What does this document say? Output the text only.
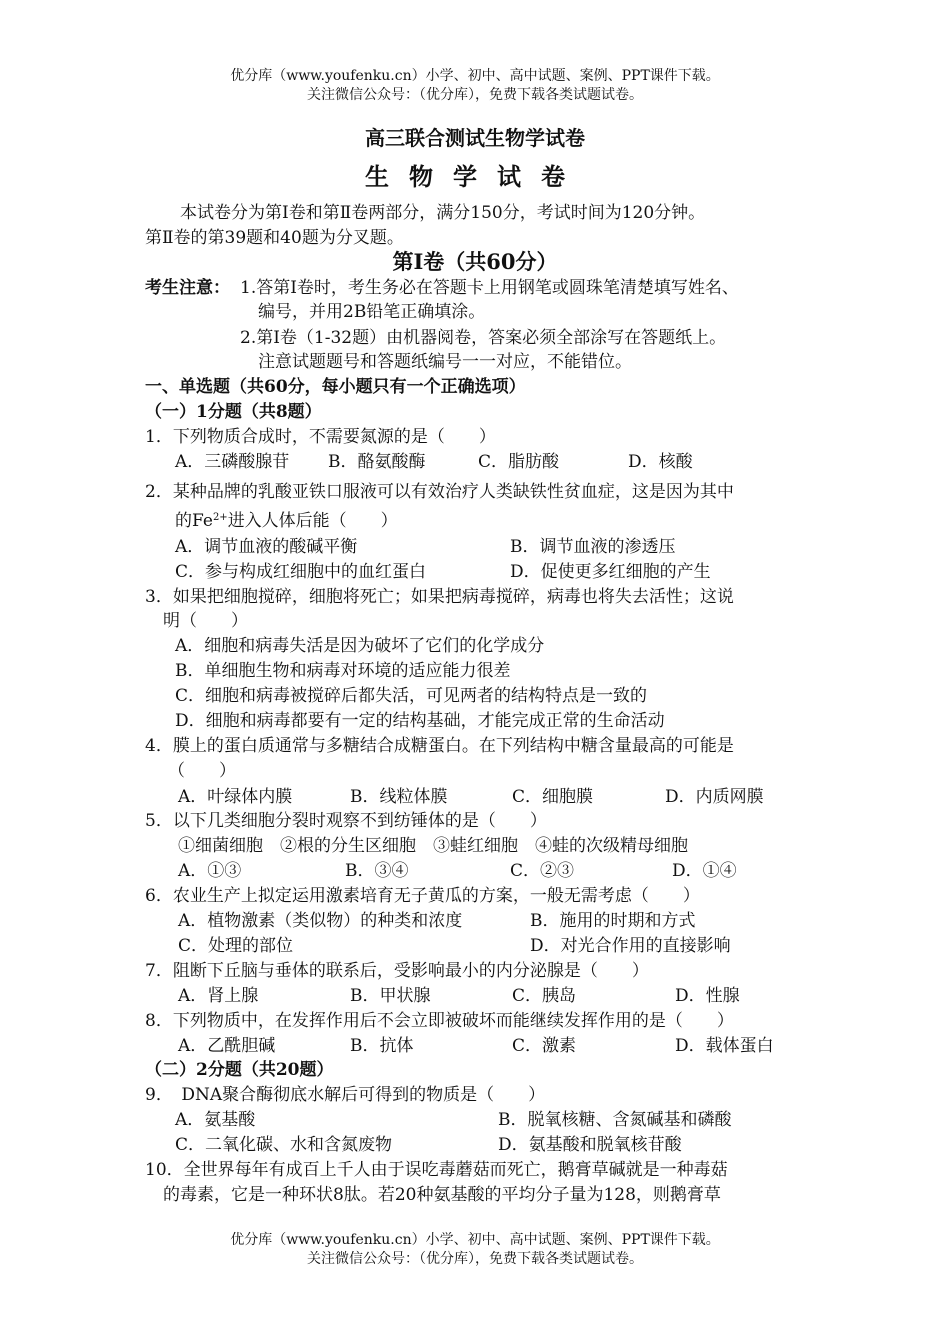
优分库（www.youfenku.cn）小学、初中、高中试题、案例、PPT课件下载。
关注微信公众号：（优分库），免费下载各类试题试卷。
高三联合测试生物学试卷
生物学试卷
本试卷分为第Ⅰ卷和第Ⅱ卷两部分，满分150分，考试时间为120分钟。
第Ⅱ卷的第39题和40题为分叉题。
第Ⅰ卷（共60分）
考生注意： 1.答第Ⅰ卷时，考生务必在答题卡上用钢笔或圆珠笔清楚填写姓名、
编号，并用2B铅笔正确填涂。
2.第Ⅰ卷（1-32题）由机器阅卷，答案必须全部涂写在答题纸上。
注意试题题号和答题纸编号一一对应，不能错位。
一、单选题（共60分，每小题只有一个正确选项）
（一）1分题（共8题）
1．下列物质合成时，不需要氮源的是（　　）
A．三磷酸腺苷 B．酪氨酸酶	C．脂肪酸	D．核酸
2．某种品牌的乳酸亚铁口服液可以有效治疗人类缺铁性贫血症，这是因为其中
的$Fe^{2+}$进入人体后能（　　）
A．调节血液的酸碱平衡	B．调节血液的渗透压
C．参与构成红细胞中的血红蛋白	D．促使更多红细胞的产生
3．如果把细胞搅碎，细胞将死亡；如果把病毒搅碎，病毒也将失去活性；这说
明（　　）
A．细胞和病毒失活是因为破坏了它们的化学成分
B．单细胞生物和病毒对环境的适应能力很差
C．细胞和病毒被搅碎后都失活，可见两者的结构特点是一致的
D．细胞和病毒都要有一定的结构基础，才能完成正常的生命活动
4．膜上的蛋白质通常与多糖结合成糖蛋白。在下列结构中糖含量最高的可能是
（　　）
A．叶绿体内膜	B．线粒体膜	C．细胞膜	D．内质网膜
5．以下几类细胞分裂时观察不到纺锤体的是（　　）
①细菌细胞　②根的分生区细胞　③蛙红细胞　④蛙的次级精母细胞
A．①③	B．③④	C．②③	D．①④
6．农业生产上拟定运用激素培育无子黄瓜的方案，一般无需考虑（　　）
A．植物激素（类似物）的种类和浓度	B．施用的时期和方式
C．处理的部位	D．对光合作用的直接影响
7．阻断下丘脑与垂体的联系后，受影响最小的内分泌腺是（　　）
A．肾上腺	B．甲状腺	C．胰岛	D．性腺
8．下列物质中，在发挥作用后不会立即被破坏而能继续发挥作用的是（　　）
A．乙酰胆碱	B．抗体	C．激素	D．载体蛋白
（二）2分题（共20题）
9．　DNA聚合酶彻底水解后可得到的物质是（　　）
A．氨基酸	B．脱氧核糖、含氮碱基和磷酸
C．二氧化碳、水和含氮废物	D．氨基酸和脱氧核苷酸
10．全世界每年有成百上千人由于误吃毒蘑菇而死亡，鹅膏草碱就是一种毒菇
的毒素，它是一种环状8肽。若20种氨基酸的平均分子量为128，则鹅膏草
优分库（www.youfenku.cn）小学、初中、高中试题、案例、PPT课件下载。
关注微信公众号：（优分库），免费下载各类试题试卷。
